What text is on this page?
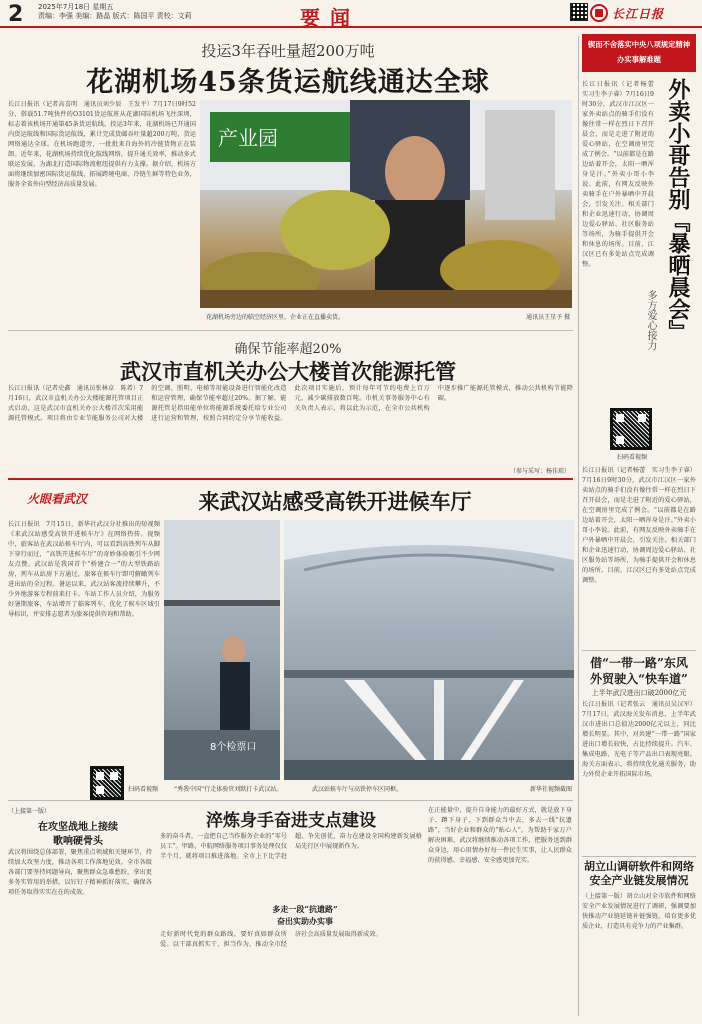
2 2025年7月18日 星期五
责编：李强 美编：路晶 版式：陈国平 责校：文莉	要闻	长江日报
投运3年吞吐量超200万吨
花湖机场45条货运航线通达全球
长江日报讯（记者高喜明　通讯员刘少辰　王发平）7月17日9时52分，搭载51.7吨快件的O3101货运航班从花湖国际机场飞往深圳，标志着该机场开通第45条货运航线。投运3年来，花湖机场已开通国内货运航线和国际货运航线，累计完成货邮吞吐量超200万吨，货运网络通达全球。在机场跑道旁，一批批来自海外的冷链货物正在装卸。近年来，花湖机场持续优化航线网络，提升通关效率，推动多式联运发展，为湖北打造国际物流枢纽提供有力支撑。据介绍，机场方面将继续加密国际货运航线，拓展跨境电商、冷链生鲜等特色业务，服务全省外向型经济高质量发展。
产业园
花湖机场旁边的临空经济区里，企业正在直播卖货。	通讯员王星予 摄
确保节能率超20%
武汉市直机关办公大楼首次能源托管
长江日报讯（记者史鑫　通讯员张林卓　陈希）7月16日，武汉市直机关办公大楼能源托管项目正式启动，这是武汉市直机关办公大楼首次采用能源托管模式。项目将由专业节能服务公司对大楼的空调、照明、电梯等用能设备进行智能化改造和运营管理，确保节能率超过20%。据了解，能源托管是指用能单位将能源系统委托给专业公司进行运营和管理，按照合同约定分享节能收益。此次项目实施后，预计每年可节约电费上百万元，减少碳排放数百吨。市机关事务服务中心有关负责人表示，将以此为示范，在全市公共机构中逐步推广能源托管模式，推动公共机构节能降碳。
（参与采写：杨佳琼）
火眼看武汉	来武汉站感受高铁开进候车厅
长江日报讯　7月15日，新华社武汉分社推出的短视频《来武汉站感受高铁开进候车厅》在网络热传。视频中，旅客站在武汉站候车厅内，可以看到高铁列车从脚下穿行而过，“高铁开进候车厅”的奇妙体验吸引不少网友点赞。武汉站是我国首个“桥建合一”的大型铁路站房，列车从站房下方通过，旅客在候车厅即可俯瞰列车进出站的全过程。暑运以来，武汉站客流持续攀升，不少外地游客专程前来打卡。车站工作人员介绍，为服务好暑期旅客，车站增开了临客列车，优化了候车区域引导标识，并安排志愿者为旅客提供咨询和帮助。
扫码看视频
8个检票口
“秀我中国”行走体验官刘默打卡武汉站。	武汉站候车厅与高铁停车区同框。	新华社视频截图
锲而不舍落实中央八项规定精神
办实事解难题
长江日报讯（记者杨蕾　实习生李子睿）7月16日9时30分，武汉市江汉区一家外卖站点的骑手们没有像往常一样在烈日下召开晨会，而是走进了附近的爱心驿站，在空调房里完成了例会。“以前都是在路边站着开会，太阳一晒浑身是汗。”外卖小哥小李说。此前，有网友反映外卖骑手在户外暴晒中开晨会，引发关注。相关部门和企业迅速行动，协调周边爱心驿站、社区服务站等场所，为骑手提供开会和休息的场所。目前，江汉区已有多处站点完成调整。	外卖小哥告别『暴晒晨会』
多方爱心接力
扫码看视频
长江日报讯（记者杨蕾　实习生李子睿）7月16日9时30分，武汉市江汉区一家外卖站点的骑手们没有像往常一样在烈日下召开晨会，而是走进了附近的爱心驿站，在空调房里完成了例会。“以前都是在路边站着开会，太阳一晒浑身是汗。”外卖小哥小李说。此前，有网友反映外卖骑手在户外暴晒中开晨会，引发关注。相关部门和企业迅速行动，协调周边爱心驿站、社区服务站等场所，为骑手提供开会和休息的场所。目前，江汉区已有多处站点完成调整。
借“一带一路”东风
外贸驶入“快车道”
上半年武汉进出口破2000亿元
长江日报讯（记者张云　通讯员吴汉军）7月17日，武汉海关发布消息，上半年武汉市进出口总值达2000亿元以上，同比增长明显。其中，对共建“一带一路”国家进出口增长较快，占比持续提升。汽车、集成电路、光电子等产品出口表现亮眼。海关方面表示，将持续优化通关服务，助力外贸企业开拓国际市场。
胡立山调研软件和网络安全产业链发展情况
（上接第一版）胡立山对全市软件和网络安全产业发展情况进行了调研，强调要加快推动产业链延链补链强链，培育更多优质企业，打造具有竞争力的产业集群。
（上接第一版）
在攻坚战地上接续
歌响硬骨头
武汉将围绕总体部署，聚焦重点领域和关键环节，持续加大攻坚力度，推动各项工作落地见效。全市各级各部门要坚持问题导向，聚焦群众急难愁盼，拿出更多务实管用的举措，以钉钉子精神抓好落实，确保各项任务取得实实在在的成效。
淬炼身手奋进支点建设
多的奋斗者，一直把自己当作服务企业的“零号员工”。甲路，中航网络服务项目事务处理仅仅半个月，就将项目推进落地。全市上下比学赶超、争先创优，奋力在建设全国构建新发展格局先行区中展现新作为。
多走一段“抗遗路”
奋出实助办实事
走好新时代党的群众路线，要好真如群众所爱。以干部真抓实干、担当作为，推动全市经济社会高质量发展取得新成效。
在正能量中，提升自身能力的最好方式，就是放下身子、蹲下身子，下到群众当中去，多去一线“抗遗路”，当好企业和群众的“贴心人”。为帮助千家万户解决困难，武汉将继续推动各项工作，把服务送到群众身边，用心用情办好每一件民生实事，让人民群众的获得感、幸福感、安全感更加充实。
